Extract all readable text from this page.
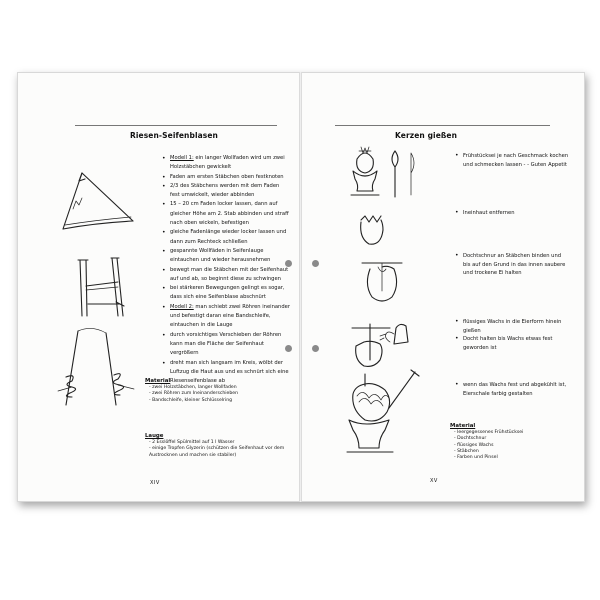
Riesen-Seifenblasen
• Modell 1: ein langer Wollfaden wird um zwei Holzstäbchen gewickelt
• Faden am ersten Stäbchen oben festknoten
• 2/3 des Stäbchens werden mit dem Faden fest umwickelt, wieder abbinden
• 15 – 20 cm Faden locker lassen, dann auf gleicher Höhe am 2. Stab abbinden und straff nach oben wickeln, befestigen
• gleiche Fadenlänge wieder locker lassen und dann zum Rechteck schließen
• gespannte Wollfäden in Seifenlauge eintauchen und wieder herausnehmen
• bewegt man die Stäbchen mit der Seifenhaut auf und ab, so beginnt diese zu schwingen
• bei stärkeren Bewegungen gelingt es sogar, dass sich eine Seifenblase abschnürt
• Modell 2: man schiebt zwei Röhren ineinander und befestigt daran eine Bandschleife, eintauchen in die Lauge
• durch vorsichtiges Verschieben der Röhren kann man die Fläche der Seifenhaut vergrößern
• dreht man sich langsam im Kreis, wölbt der Luftzug die Haut aus und es schnürt sich eine Riesenseifenblase ab
Material
- zwei Holzstäbchen, langer Wollfaden
- zwei Röhren zum Ineinanderschieben
- Bandschleife, kleiner Schlüsselring
Lauge
- 2 Esslöffel Spülmittel auf 1 l Wasser
- einige Tropfen Glyzerin (schützen die Seifenhaut vor dem Austrocknen und machen sie stabiler)
XIV
Kerzen gießen
• Frühstücksei je nach Geschmack kochen und schmecken lassen - - Guten Appetit
• Ineinhaut entfernen
• Dochtschnur an Stäbchen binden und bis auf den Grund in das innen saubere und trockene Ei halten
• flüssiges Wachs in die Eierform hinein gießen
• Docht halten bis Wachs etwas fest geworden ist
• wenn das Wachs fest und abgekühlt ist, Eierschale farbig gestalten
Material
- leergegessenes Frühstücksei
- Dochtschnur
- flüssiges Wachs
- Stäbchen
- Farben und Pinsel
XV
